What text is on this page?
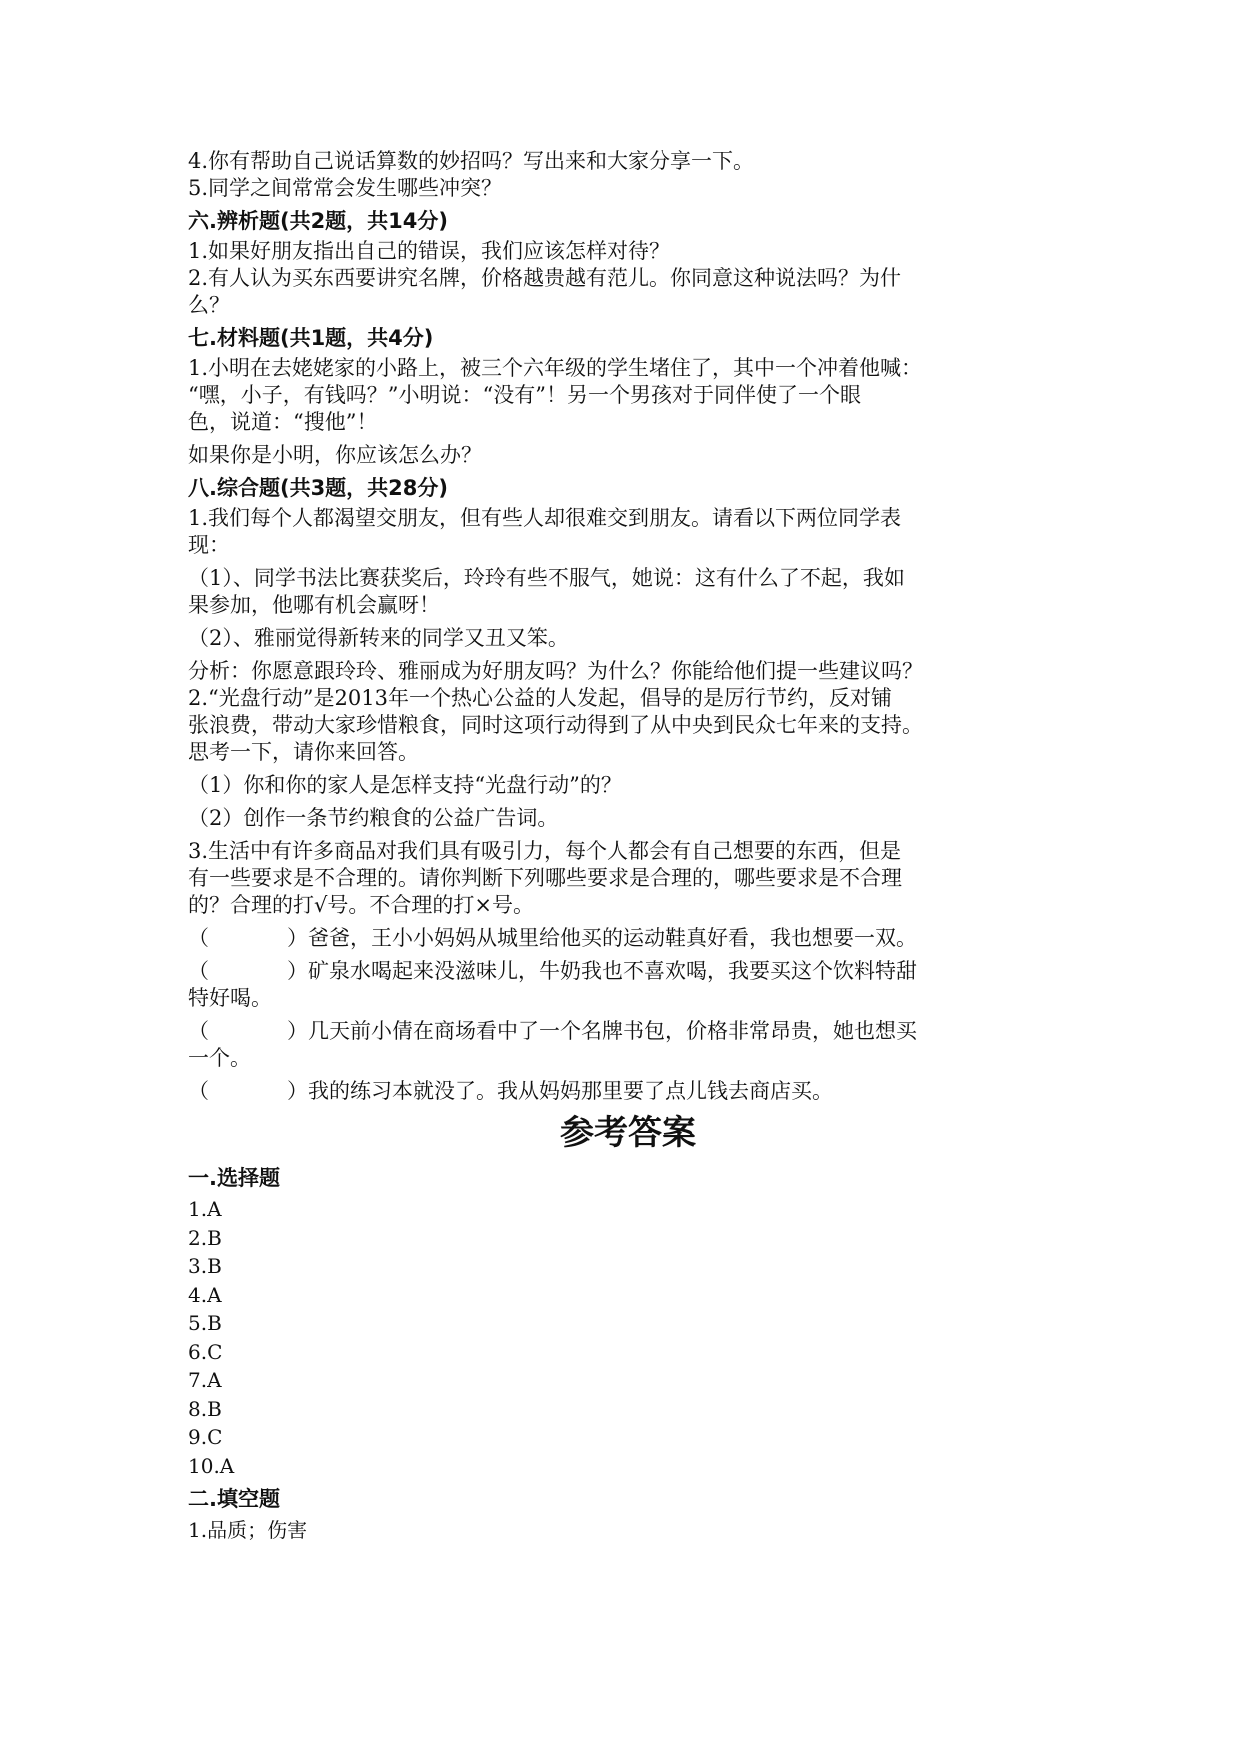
4.你有帮助自己说话算数的妙招吗？写出来和大家分享一下。

5.同学之间常常会发生哪些冲突？

六.辨析题(共2题，共14分)

1.如果好朋友指出自己的错误，我们应该怎样对待？

2.有人认为买东西要讲究名牌，价格越贵越有范儿。你同意这种说法吗？为什

么？

七.材料题(共1题，共4分)

1.小明在去姥姥家的小路上，被三个六年级的学生堵住了，其中一个冲着他喊：

“嘿，小子，有钱吗？”小明说：“没有”！另一个男孩对于同伴使了一个眼

色，说道：“搜他”！

如果你是小明，你应该怎么办？

八.综合题(共3题，共28分)

1.我们每个人都渴望交朋友，但有些人却很难交到朋友。请看以下两位同学表

现：

（1）、同学书法比赛获奖后，玲玲有些不服气，她说：这有什么了不起，我如

果参加，他哪有机会赢呀！

（2）、雅丽觉得新转来的同学又丑又笨。

分析：你愿意跟玲玲、雅丽成为好朋友吗？为什么？你能给他们提一些建议吗？

2.“光盘行动”是2013年一个热心公益的人发起，倡导的是厉行节约，反对铺

张浪费，带动大家珍惜粮食，同时这项行动得到了从中央到民众七年来的支持。

思考一下，请你来回答。

（1）你和你的家人是怎样支持“光盘行动”的？

（2）创作一条节约粮食的公益广告词。

3.生活中有许多商品对我们具有吸引力，每个人都会有自己想要的东西，但是

有一些要求是不合理的。请你判断下列哪些要求是合理的，哪些要求是不合理

的？合理的打√号。不合理的打×号。

（	）爸爸，王小小妈妈从城里给他买的运动鞋真好看，我也想要一双。

（	）矿泉水喝起来没滋味儿，牛奶我也不喜欢喝，我要买这个饮料特甜

特好喝。

（	）几天前小倩在商场看中了一个名牌书包，价格非常昂贵，她也想买

一个。

（	）我的练习本就没了。我从妈妈那里要了点儿钱去商店买。

参考答案
一.选择题

1.A

2.B

3.B

4.A

5.B

6.C

7.A

8.B

9.C

10.A

二.填空题

1.品质；伤害
